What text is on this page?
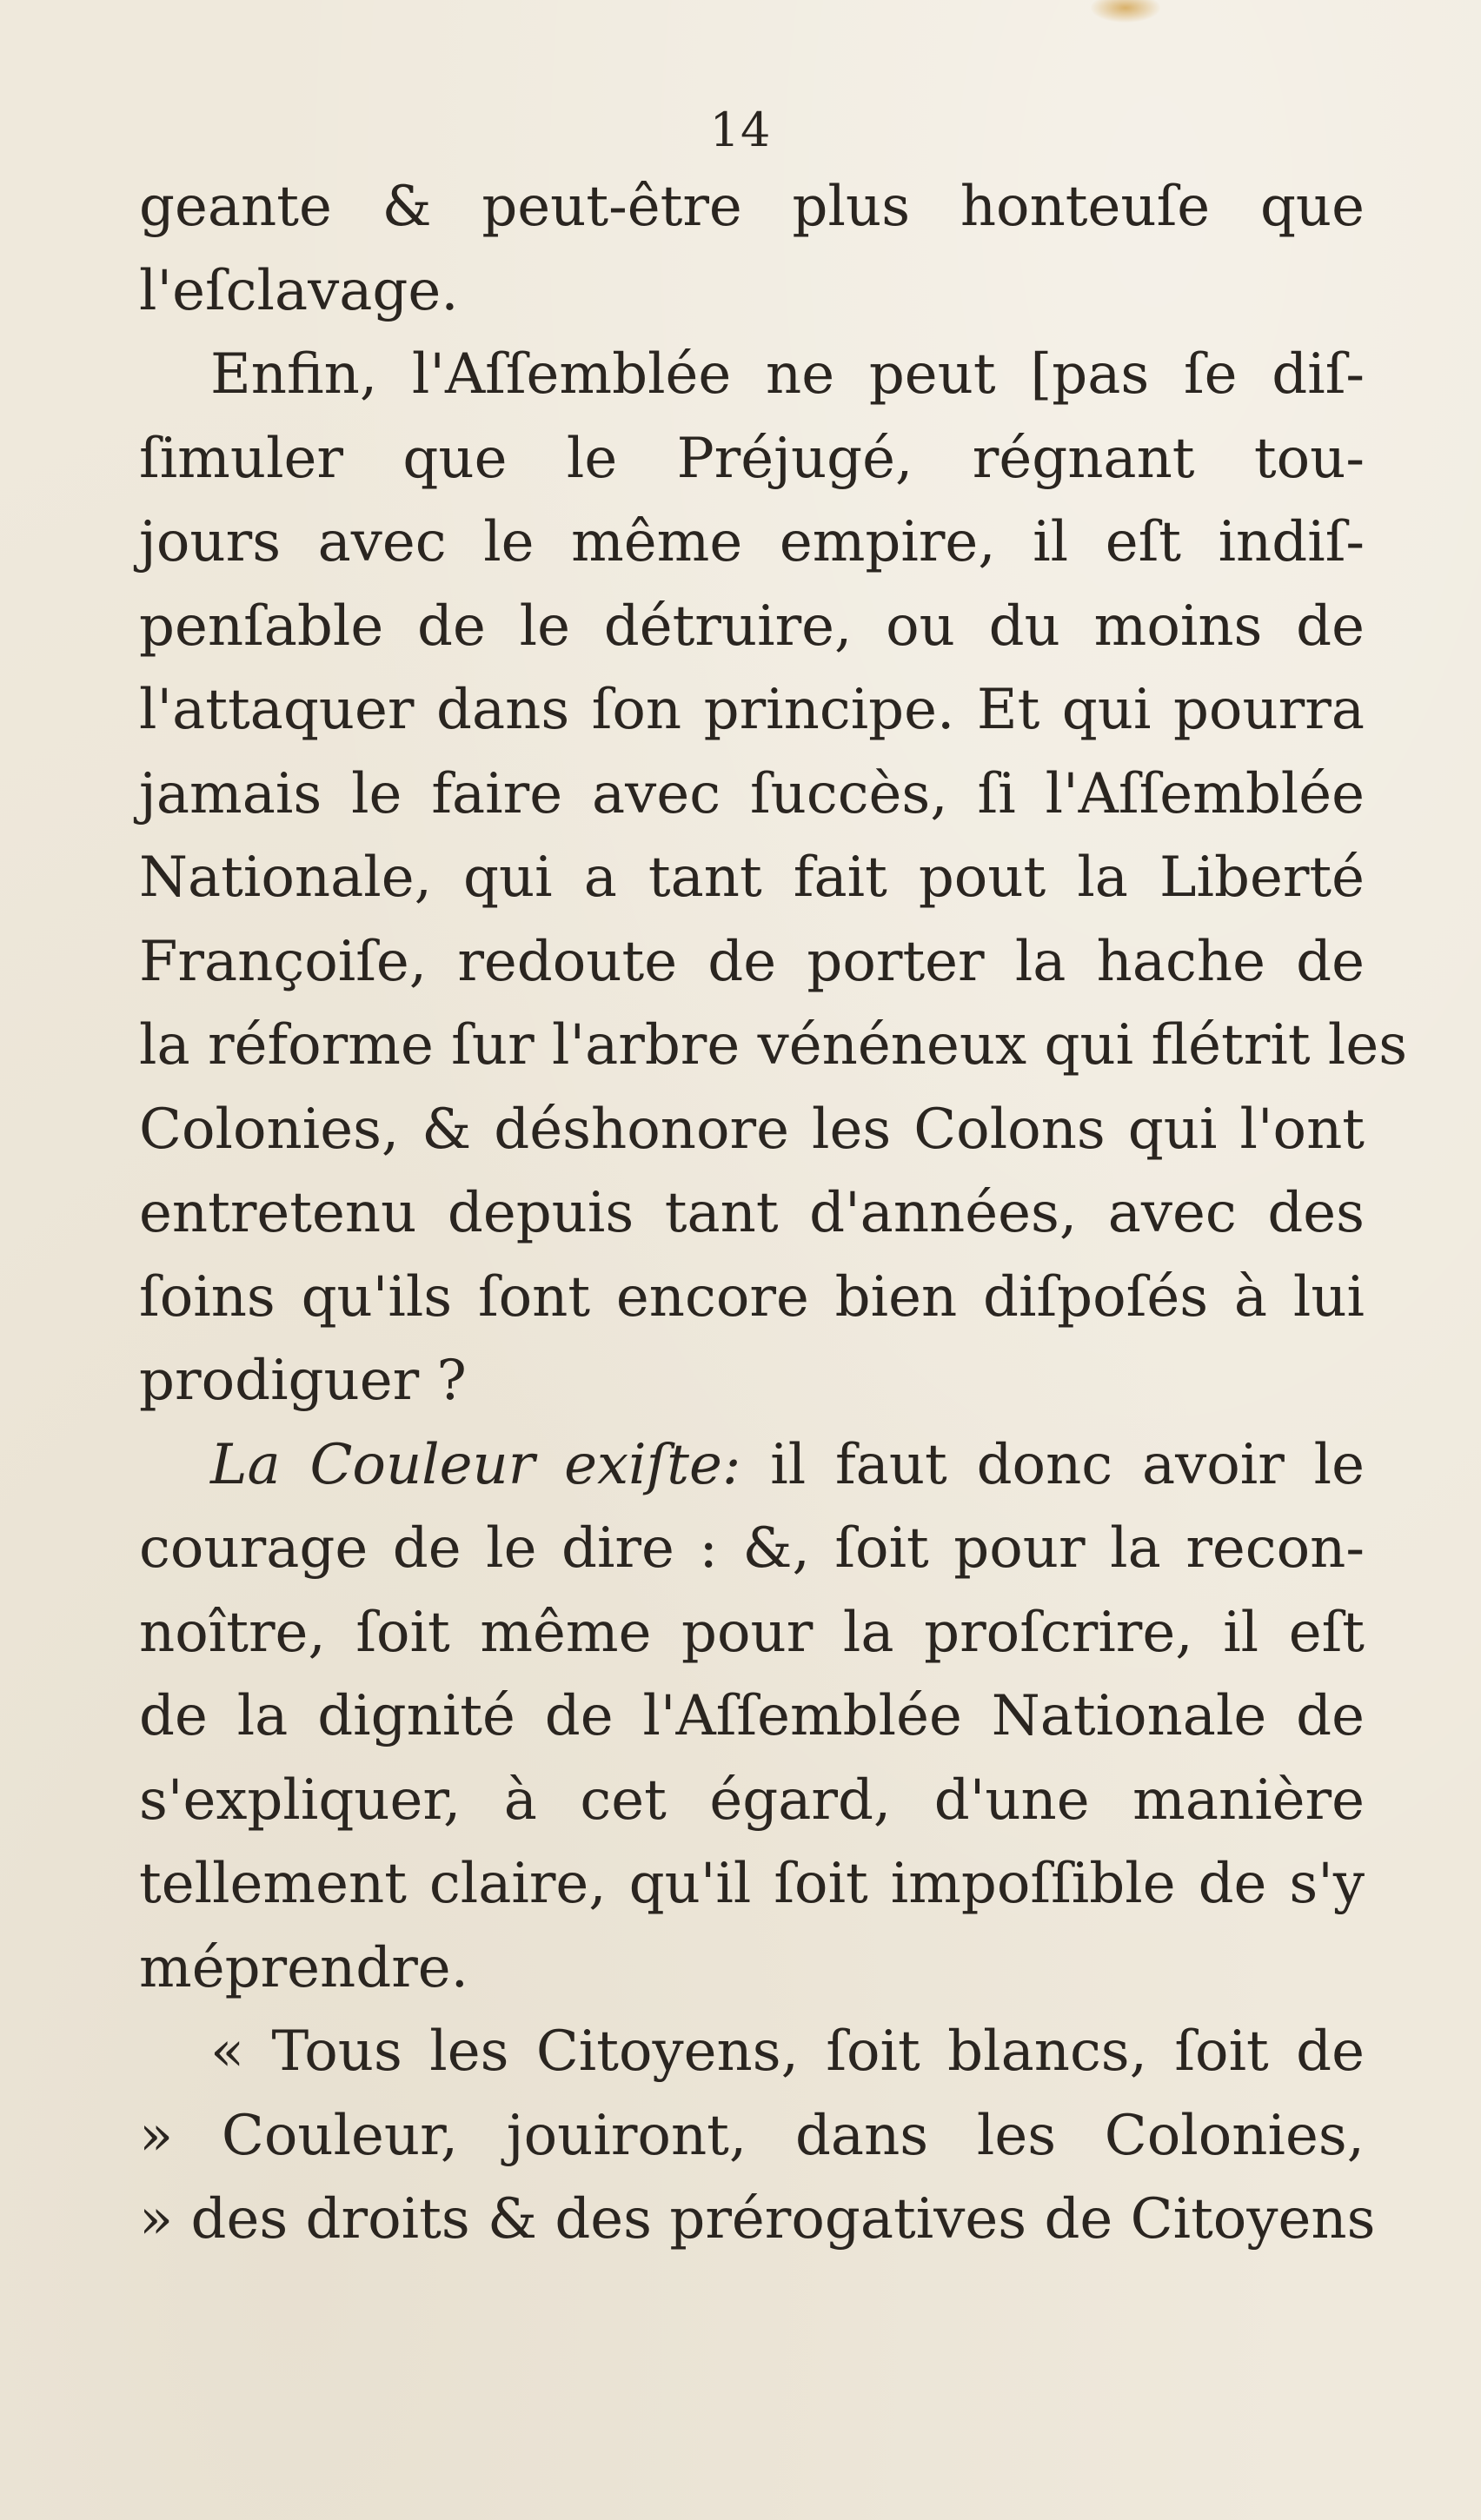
14
geante & peut-être plus honteuſe que
l'eſclavage.
Enfin, l'Aſſemblée ne peut [pas ſe diſ-
ſimuler que le Préjugé, régnant tou-
jours avec le même empire, il eſt indiſ-
penſable de le détruire, ou du moins de
l'attaquer dans ſon principe. Et qui pourra
jamais le faire avec ſuccès, ſi l'Aſſemblée
Nationale, qui a tant fait pout la Liberté
Françoiſe, redoute de porter la hache de
la réforme ſur l'arbre vénéneux qui flétrit les
Colonies, & déshonore les Colons qui l'ont
entretenu depuis tant d'années, avec des
ſoins qu'ils ſont encore bien diſpoſés à lui
prodiguer ?
La Couleur exiſte: il faut donc avoir le
courage de le dire : &, ſoit pour la recon-
noître, ſoit même pour la proſcrire, il eſt
de la dignité de l'Aſſemblée Nationale de
s'expliquer, à cet égard, d'une manière
tellement claire, qu'il ſoit impoſſible de s'y
méprendre.
« Tous les Citoyens, ſoit blancs, ſoit de
» Couleur, jouiront, dans les Colonies,
» des droits & des prérogatives de Citoyens
